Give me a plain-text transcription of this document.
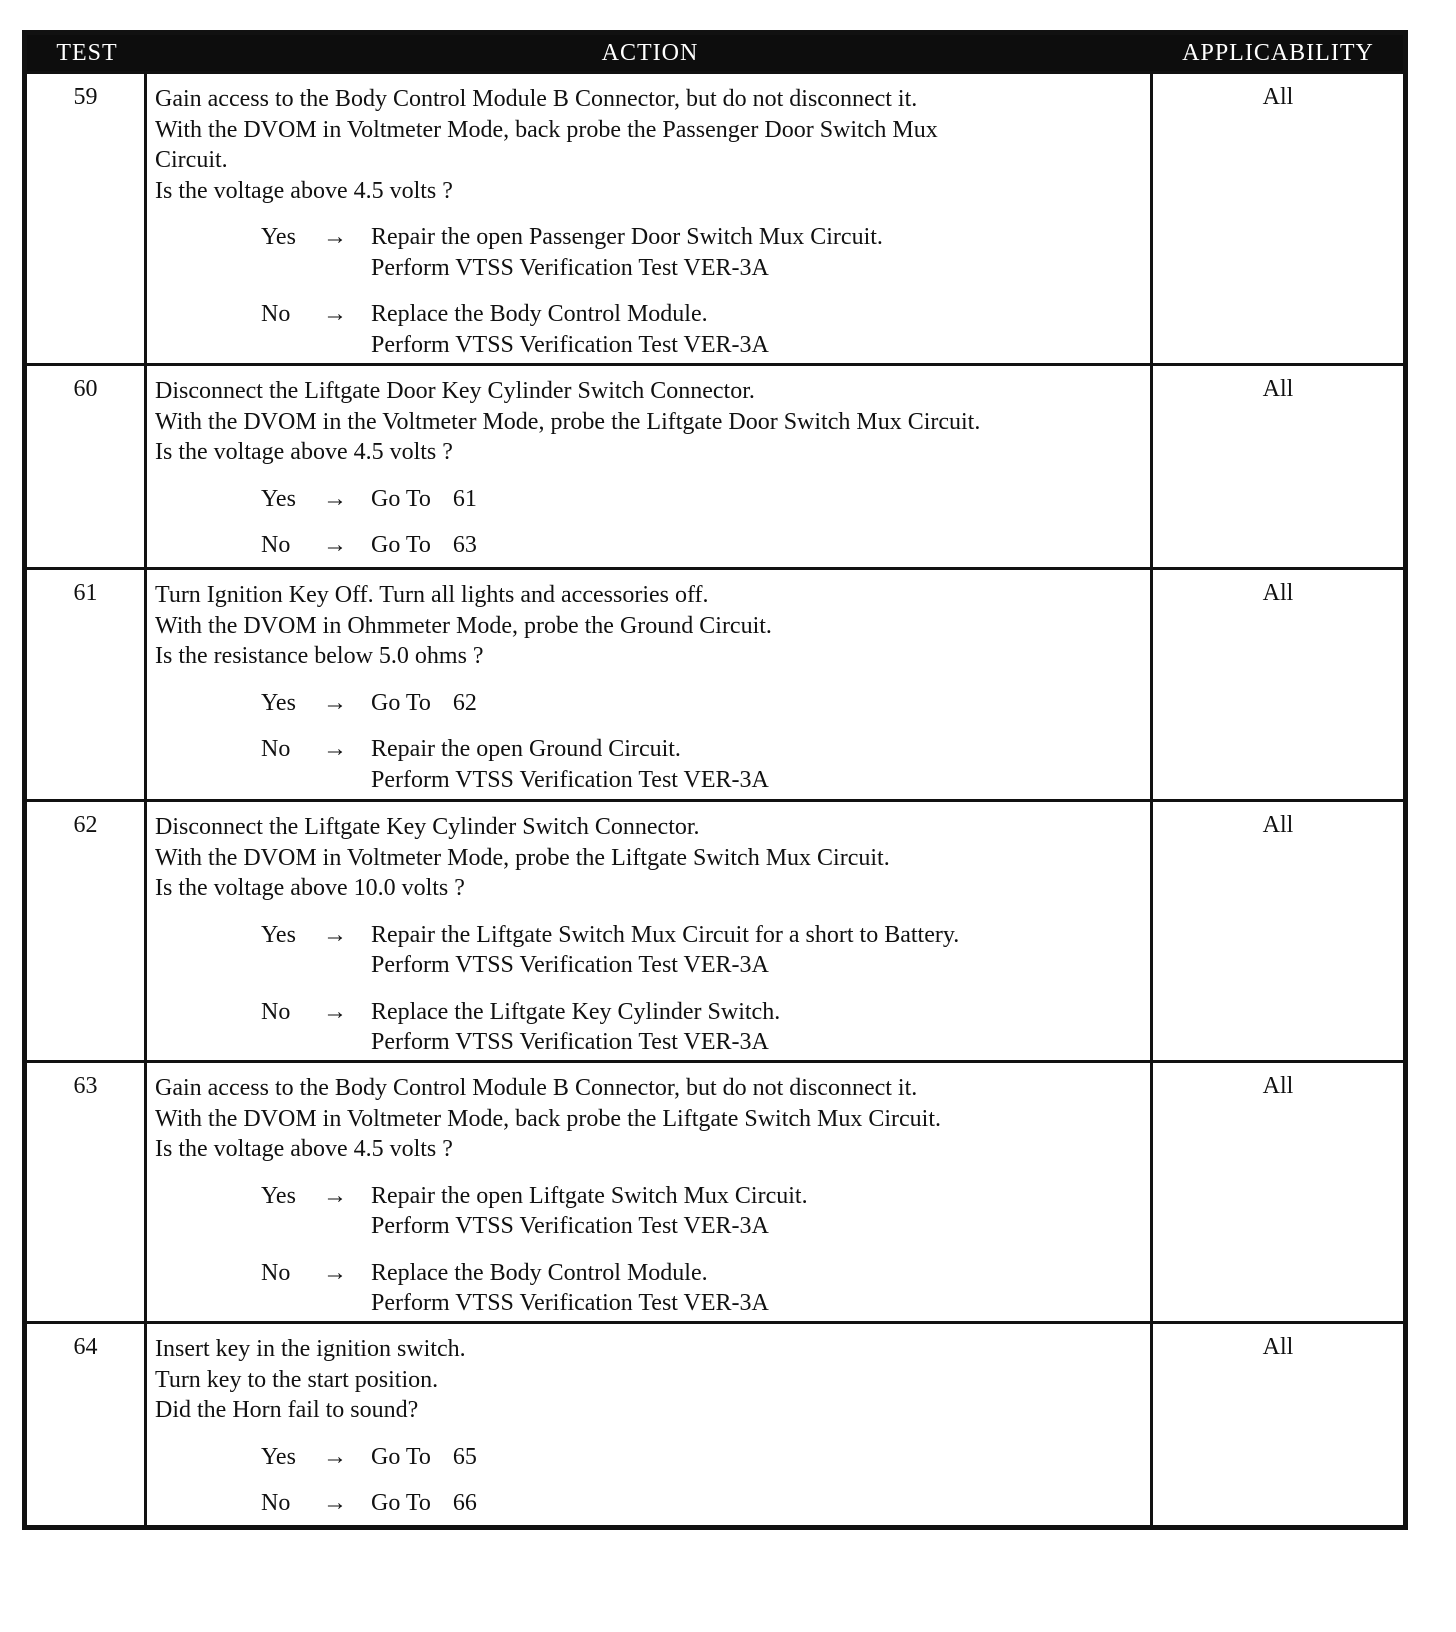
TEST	ACTION	APPLICABILITY
59	Gain access to the Body Control Module B Connector, but do not disconnect it.
With the DVOM in Voltmeter Mode, back probe the Passenger Door Switch Mux
Circuit.
Is the voltage above 4.5 volts ?
Yes	→	Repair the open Passenger Door Switch Mux Circuit.
Perform VTSS Verification Test VER-3A
No	→	Replace the Body Control Module.
Perform VTSS Verification Test VER-3A
All
60	Disconnect the Liftgate Door Key Cylinder Switch Connector.
With the DVOM in the Voltmeter Mode, probe the Liftgate Door Switch Mux Circuit.
Is the voltage above 4.5 volts ?
Yes	→	Go To 61
No	→	Go To 63
All
61	Turn Ignition Key Off. Turn all lights and accessories off.
With the DVOM in Ohmmeter Mode, probe the Ground Circuit.
Is the resistance below 5.0 ohms ?
Yes	→	Go To 62
No	→	Repair the open Ground Circuit.
Perform VTSS Verification Test VER-3A
All
62	Disconnect the Liftgate Key Cylinder Switch Connector.
With the DVOM in Voltmeter Mode, probe the Liftgate Switch Mux Circuit.
Is the voltage above 10.0 volts ?
Yes	→	Repair the Liftgate Switch Mux Circuit for a short to Battery.
Perform VTSS Verification Test VER-3A
No	→	Replace the Liftgate Key Cylinder Switch.
Perform VTSS Verification Test VER-3A
All
63	Gain access to the Body Control Module B Connector, but do not disconnect it.
With the DVOM in Voltmeter Mode, back probe the Liftgate Switch Mux Circuit.
Is the voltage above 4.5 volts ?
Yes	→	Repair the open Liftgate Switch Mux Circuit.
Perform VTSS Verification Test VER-3A
No	→	Replace the Body Control Module.
Perform VTSS Verification Test VER-3A
All
64	Insert key in the ignition switch.
Turn key to the start position.
Did the Horn fail to sound?
Yes	→	Go To 65
No	→	Go To 66
All
